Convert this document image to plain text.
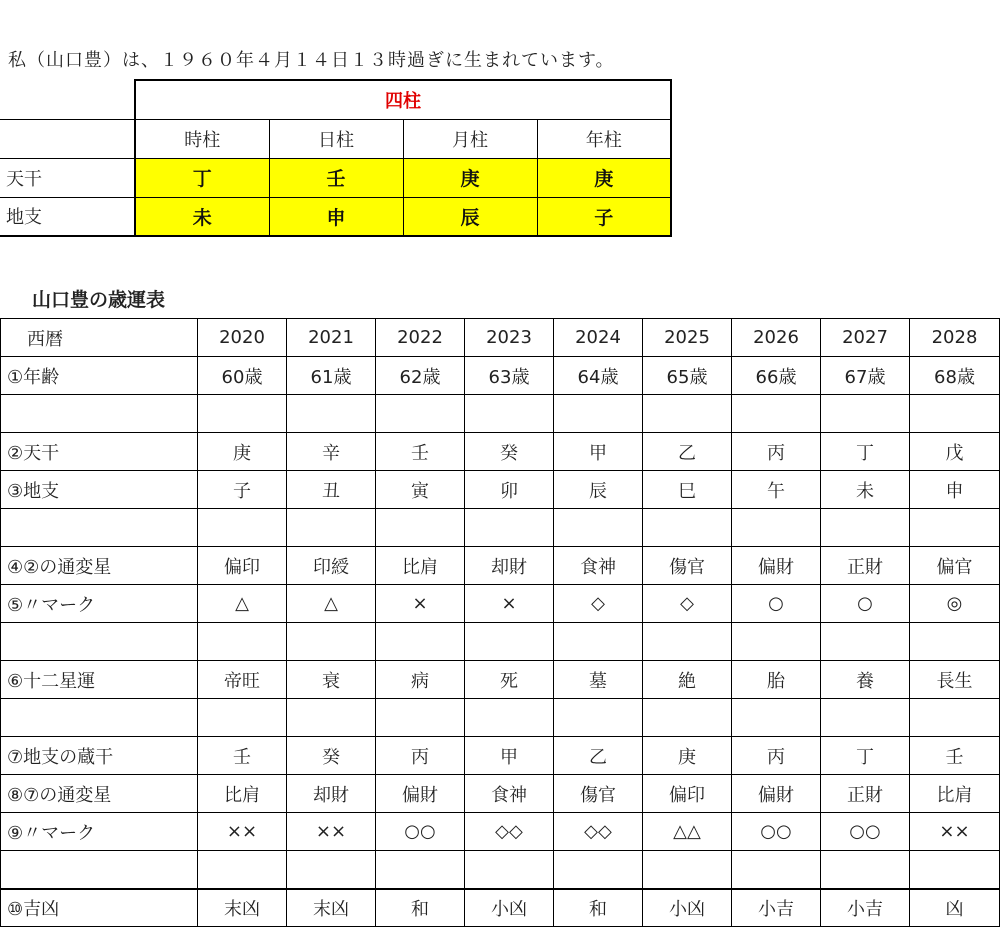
私（山口豊）は、１９６０年４月１４日１３時過ぎに生まれています。
	四柱			
	時柱	日柱	月柱	年柱
天干	丁	壬	庚	庚
地支	未	申	辰	子
山口豊の歳運表
西暦	2020	2021	2022	2023	2024	2025	2026	2027	2028
①年齢	60歳	61歳	62歳	63歳	64歳	65歳	66歳	67歳	68歳

②天干	庚	辛	壬	癸	甲	乙	丙	丁	戊
③地支	子	丑	寅	卯	辰	巳	午	未	申

④②の通変星	偏印	印綬	比肩	却財	食神	傷官	偏財	正財	偏官
⑤〃マーク	△	△	×	×	◇	◇	○	○	◎

⑥十二星運	帝旺	衰	病	死	墓	絶	胎	養	長生

⑦地支の蔵干	壬	癸	丙	甲	乙	庚	丙	丁	壬
⑧⑦の通変星	比肩	却財	偏財	食神	傷官	偏印	偏財	正財	比肩
⑨〃マーク	××	××	○○	◇◇	◇◇	△△	○○	○○	××

⑩吉凶	末凶	末凶	和	小凶	和	小凶	小吉	小吉	凶
